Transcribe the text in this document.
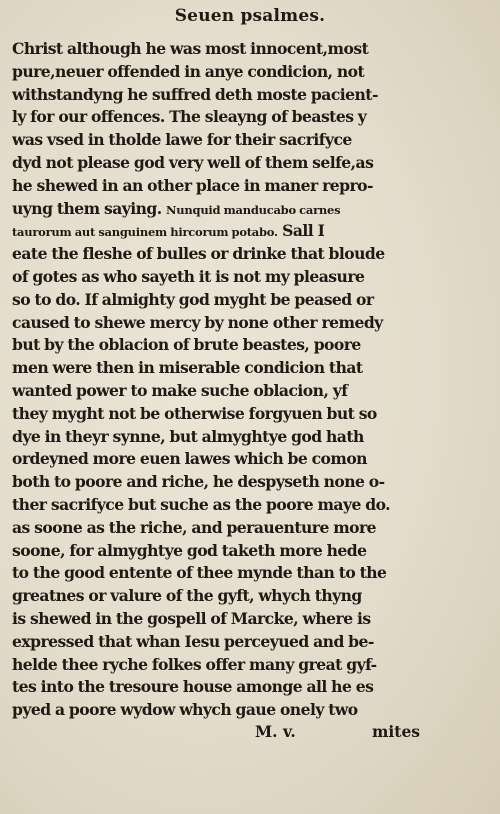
Seuen psalmes.
Christ although he was most innocent,most
pure,neuer offended in anye condicion, not
withstandyng he suffred deth moste pacient-
ly for our offences. The sleayng of beastes y
was vsed in tholde lawe for their sacrifyce
dyd not please god very well of them selfe,as
he shewed in an other place in maner repro-
uyng them saying. Nunquid manducabo carnes
taurorum aut sanguinem hircorum potabo. Sall I
eate the fleshe of bulles or drinke that bloude
of gotes as who sayeth it is not my pleasure
so to do. If almighty god myght be peased or
caused to shewe mercy by none other remedy
but by the oblacion of brute beastes, poore
men were then in miserable condicion that
wanted power to make suche oblacion, yf
they myght not be otherwise forgyuen but so
dye in theyr synne, but almyghtye god hath
ordeyned more euen lawes which be comon
both to poore and riche, he despyseth none o-
ther sacrifyce but suche as the poore maye do.
as soone as the riche, and perauenture more
soone, for almyghtye god taketh more hede
to the good entente of thee mynde than to the
greatnes or valure of the gyft, whych thyng
is shewed in the gospell of Marcke, where is
expressed that whan Iesu perceyued and be-
helde thee ryche folkes offer many great gyf-
tes into the tresoure house amonge all he es
pyed a poore wydow whych gaue onely two
M. v.	mites
